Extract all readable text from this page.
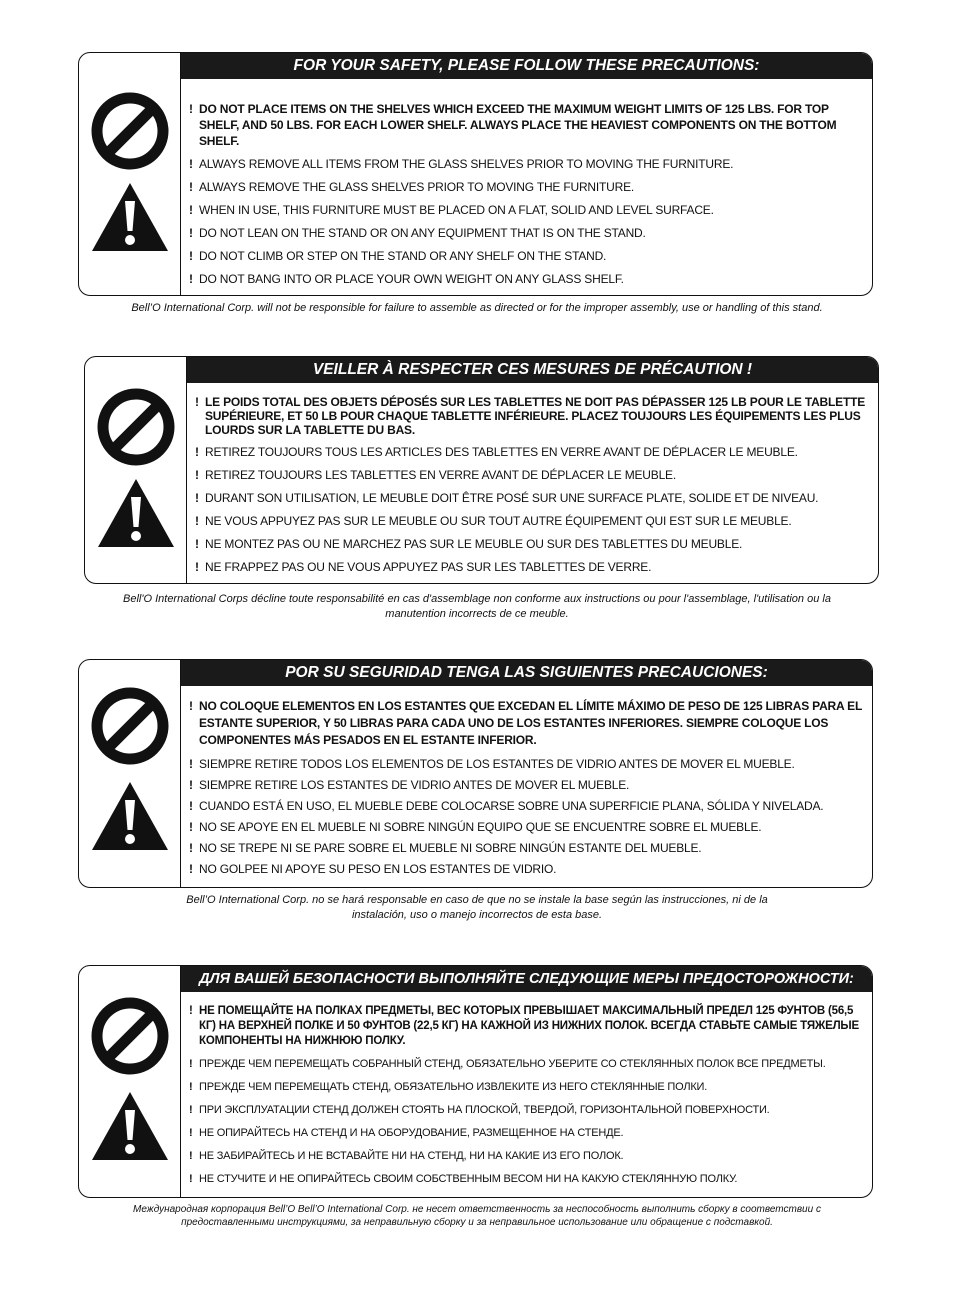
FOR YOUR SAFETY, PLEASE FOLLOW THESE PRECAUTIONS:
! DO NOT PLACE ITEMS ON THE SHELVES WHICH EXCEED THE MAXIMUM WEIGHT LIMITS OF 125 LBS. FOR TOP SHELF, AND 50 LBS. FOR EACH LOWER SHELF. ALWAYS PLACE THE HEAVIEST COMPONENTS ON THE BOTTOM SHELF.
! ALWAYS REMOVE ALL ITEMS FROM THE GLASS SHELVES PRIOR TO MOVING THE FURNITURE.
! ALWAYS REMOVE THE GLASS SHELVES PRIOR TO MOVING THE FURNITURE.
! WHEN IN USE, THIS FURNITURE MUST BE PLACED ON A FLAT, SOLID AND LEVEL SURFACE.
! DO NOT LEAN ON THE STAND OR ON ANY EQUIPMENT THAT IS ON THE STAND.
! DO NOT CLIMB OR STEP ON THE STAND OR ANY SHELF ON THE STAND.
! DO NOT BANG INTO OR PLACE YOUR OWN WEIGHT ON ANY GLASS SHELF.
Bell’O International Corp. will not be responsible for failure to assemble as directed or for the improper assembly, use or handling of this stand.
VEILLER À RESPECTER CES MESURES DE PRÉCAUTION !
! LE POIDS TOTAL DES OBJETS DÉPOSÉS SUR LES TABLETTES NE DOIT PAS DÉPASSER 125 LB POUR LE TABLETTE SUPÉRIEURE, ET 50 LB POUR CHAQUE TABLETTE INFÉRIEURE. PLACEZ TOUJOURS LES ÉQUIPEMENTS LES PLUS LOURDS SUR LA TABLETTE DU BAS.
! RETIREZ TOUJOURS TOUS LES ARTICLES DES TABLETTES EN VERRE AVANT DE DÉPLACER LE MEUBLE.
! RETIREZ TOUJOURS LES TABLETTES EN VERRE AVANT DE DÉPLACER LE MEUBLE.
! DURANT SON UTILISATION, LE MEUBLE DOIT ÊTRE POSÉ SUR UNE SURFACE PLATE, SOLIDE ET DE NIVEAU.
! NE VOUS APPUYEZ PAS SUR LE MEUBLE OU SUR TOUT AUTRE ÉQUIPEMENT QUI EST SUR LE MEUBLE.
! NE MONTEZ PAS OU NE MARCHEZ PAS SUR LE MEUBLE OU SUR DES TABLETTES DU MEUBLE.
! NE FRAPPEZ PAS OU NE VOUS APPUYEZ PAS SUR LES TABLETTES DE VERRE.
Bell'O International Corps décline toute responsabilité en cas d'assemblage non conforme aux instructions ou pour l'assemblage, l'utilisation ou la manutention incorrects de ce meuble.
POR SU SEGURIDAD TENGA LAS SIGUIENTES PRECAUCIONES:
! NO COLOQUE ELEMENTOS EN LOS ESTANTES QUE EXCEDAN EL LÍMITE MÁXIMO DE PESO DE 125 LIBRAS PARA EL ESTANTE SUPERIOR, Y 50 LIBRAS PARA CADA UNO DE LOS ESTANTES INFERIORES. SIEMPRE COLOQUE LOS COMPONENTES MÁS PESADOS EN EL ESTANTE INFERIOR.
! SIEMPRE RETIRE TODOS LOS ELEMENTOS DE LOS ESTANTES DE VIDRIO ANTES DE MOVER EL MUEBLE.
! SIEMPRE RETIRE LOS ESTANTES DE VIDRIO ANTES DE MOVER EL MUEBLE.
! CUANDO ESTÁ EN USO, EL MUEBLE DEBE COLOCARSE SOBRE UNA SUPERFICIE PLANA, SÓLIDA Y NIVELADA.
! NO SE APOYE EN EL MUEBLE NI SOBRE NINGÚN EQUIPO QUE SE ENCUENTRE SOBRE EL MUEBLE.
! NO SE TREPE NI SE PARE SOBRE EL MUEBLE NI SOBRE NINGÚN ESTANTE DEL MUEBLE.
! NO GOLPEE NI APOYE SU PESO EN LOS ESTANTES DE VIDRIO.
Bell’O International Corp. no se hará responsable en caso de que no se instale la base según las instrucciones, ni de la instalación, uso o manejo incorrectos de esta base.
ДЛЯ ВАШЕЙ БЕЗОПАСНОСТИ ВЫПОЛНЯЙТЕ СЛЕДУЮЩИЕ МЕРЫ ПРЕДОСТОРОЖНОСТИ:
! НЕ ПОМЕЩАЙТЕ НА ПОЛКАХ ПРЕДМЕТЫ, ВЕС КОТОРЫХ ПРЕВЫШАЕТ МАКСИМАЛЬНЫЙ ПРЕДЕЛ 125 ФУНТОВ (56,5 КГ) НА ВЕРХНЕЙ ПОЛКЕ И 50 ФУНТОВ (22,5 КГ) НА КАЖНОЙ ИЗ НИЖНИХ ПОЛОК. ВСЕГДА СТАВЬТЕ САМЫЕ ТЯЖЕЛЫЕ КОМПОНЕНТЫ НА НИЖНЮЮ ПОЛКУ.
! ПРЕЖДЕ ЧЕМ ПЕРЕМЕЩАТЬ СОБРАННЫЙ СТЕНД, ОБЯЗАТЕЛЬНО УБЕРИТЕ СО СТЕКЛЯННЫХ ПОЛОК ВСЕ ПРЕДМЕТЫ.
! ПРЕЖДЕ ЧЕМ ПЕРЕМЕЩАТЬ СТЕНД, ОБЯЗАТЕЛЬНО ИЗВЛЕКИТЕ ИЗ НЕГО СТЕКЛЯННЫЕ ПОЛКИ.
! ПРИ ЭКСПЛУАТАЦИИ СТЕНД ДОЛЖЕН СТОЯТЬ НА ПЛОСКОЙ, ТВЕРДОЙ, ГОРИЗОНТАЛЬНОЙ ПОВЕРХНОСТИ.
! НЕ ОПИРАЙТЕСЬ НА СТЕНД И НА ОБОРУДОВАНИЕ, РАЗМЕЩЕННОЕ НА СТЕНДЕ.
! НЕ ЗАБИРАЙТЕСЬ И НЕ ВСТАВАЙТЕ НИ НА СТЕНД, НИ НА КАКИЕ ИЗ ЕГО ПОЛОК.
! НЕ СТУЧИТЕ И НЕ ОПИРАЙТЕСЬ СВОИМ СОБСТВЕННЫМ ВЕСОМ НИ НА КАКУЮ СТЕКЛЯННУЮ ПОЛКУ.
Международная корпорация Bell’O Bell’O International Corp. не несет ответственность за неспособность выполнить сборку в соответствии с предоставленными инструкциями, за неправильную сборку и за неправильное использование или обращение с подставкой.
